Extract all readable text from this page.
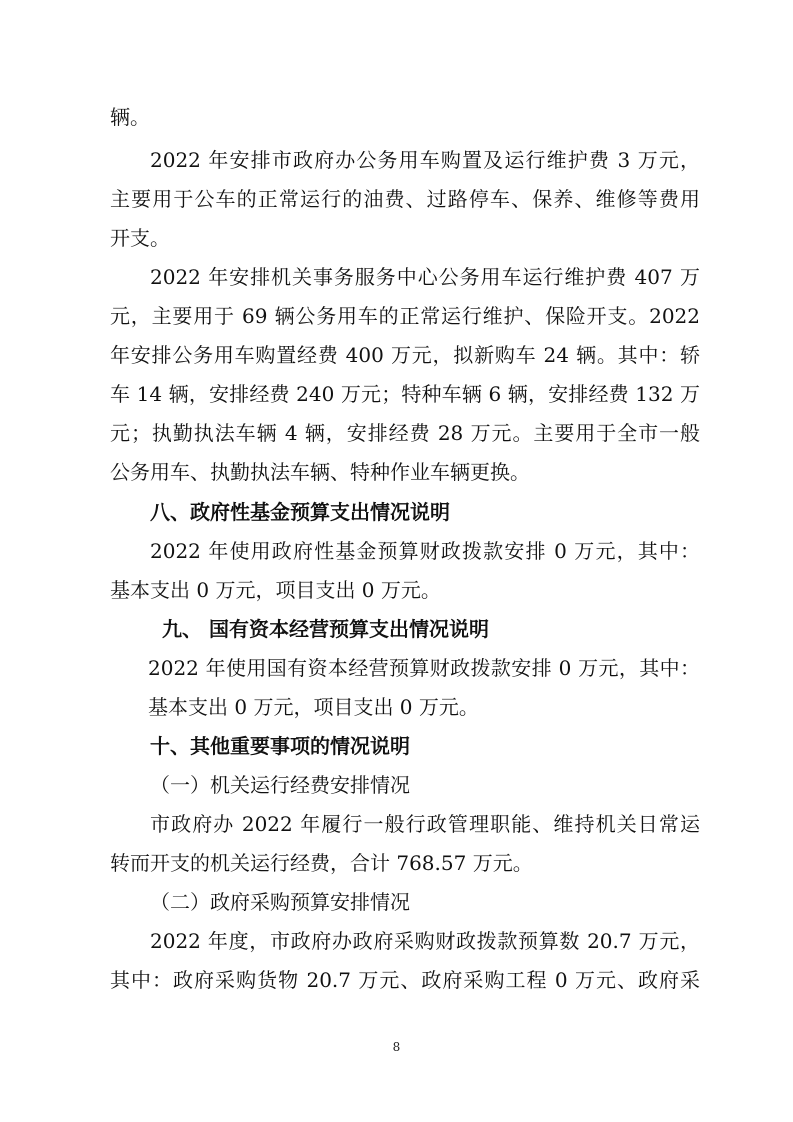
辆。
2022 年安排市政府办公务用车购置及运行维护费 3 万元，
主要用于公车的正常运行的油费、过路停车、保养、维修等费用
开支。
2022 年安排机关事务服务中心公务用车运行维护费 407 万
元，主要用于 69 辆公务用车的正常运行维护、保险开支。2022
年安排公务用车购置经费 400 万元，拟新购车 24 辆。其中：轿
车 14 辆，安排经费 240 万元；特种车辆 6 辆，安排经费 132 万
元；执勤执法车辆 4 辆，安排经费 28 万元。主要用于全市一般
公务用车、执勤执法车辆、特种作业车辆更换。
八、政府性基金预算支出情况说明
2022 年使用政府性基金预算财政拨款安排 0 万元，其中：
基本支出 0 万元，项目支出 0 万元。
九、 国有资本经营预算支出情况说明
2022 年使用国有资本经营预算财政拨款安排 0 万元，其中：
基本支出 0 万元，项目支出 0 万元。
十、其他重要事项的情况说明
（一）机关运行经费安排情况
市政府办 2022 年履行一般行政管理职能、维持机关日常运
转而开支的机关运行经费，合计 768.57 万元。
（二）政府采购预算安排情况
2022 年度，市政府办政府采购财政拨款预算数 20.7 万元，
其中：政府采购货物 20.7 万元、政府采购工程 0 万元、政府采
8
